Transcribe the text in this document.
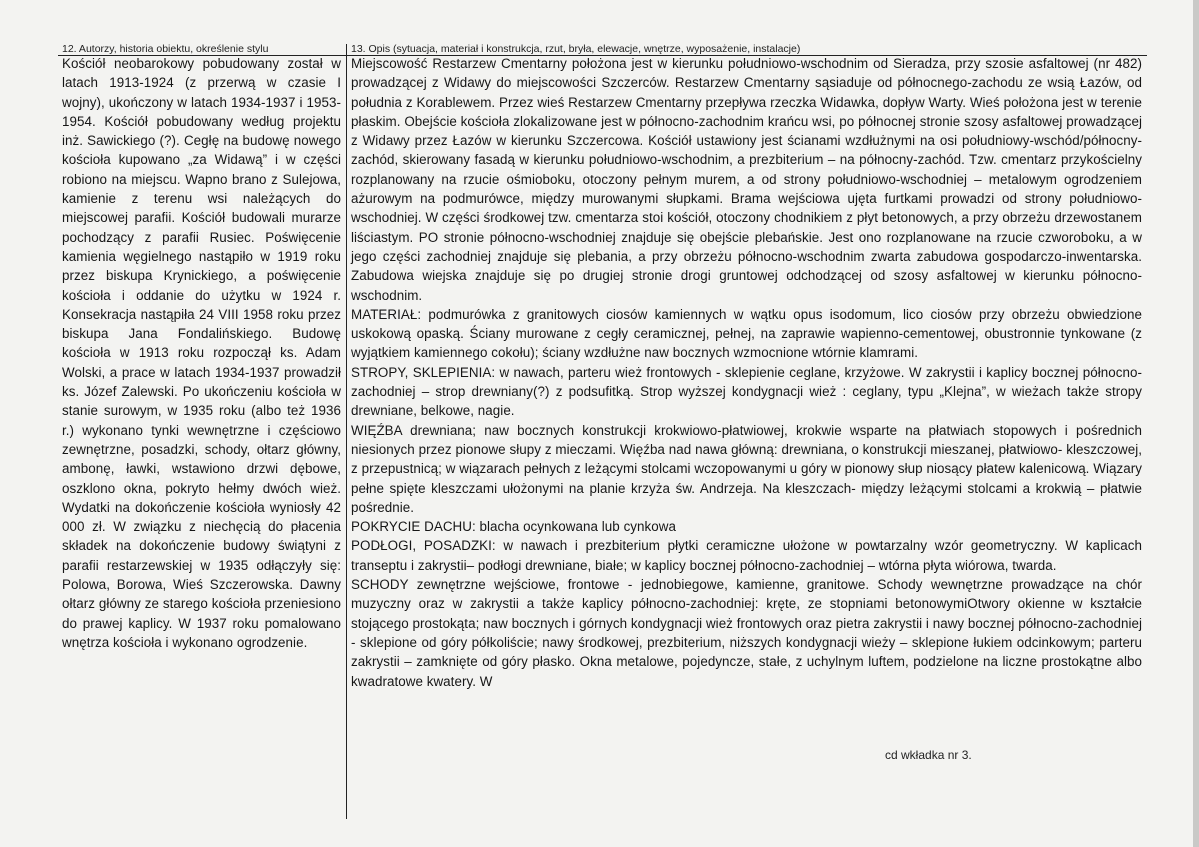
12. Autorzy, historia obiektu, określenie stylu	13. Opis (sytuacja, materiał i konstrukcja, rzut, bryła, elewacje, wnętrze, wyposażenie, instalacje)

Kościół neobarokowy pobudowany został w latach 1913-1924 (z przerwą w czasie I wojny), ukończony w latach 1934-1937 i 1953-1954. Kościół pobudowany według projektu inż. Sawickiego (?). Cegłę na budowę nowego kościoła kupowano „za Widawą” i w części robiono na miejscu. Wapno brano z Sulejowa, kamienie z terenu wsi należących do miejscowej parafii. Kościół budowali murarze pochodzący z parafii Rusiec. Poświęcenie kamienia węgielnego nastąpiło w 1919 roku przez biskupa Krynickiego, a poświęcenie kościoła i oddanie do użytku w 1924 r. Konsekracja nastąpiła 24 VIII 1958 roku przez biskupa Jana Fondalińskiego. Budowę kościoła w 1913 roku rozpoczął ks. Adam Wolski, a prace w latach 1934-1937 prowadził ks. Józef Zalewski. Po ukończeniu kościoła w stanie surowym, w 1935 roku (albo też 1936 r.) wykonano tynki wewnętrzne i częściowo zewnętrzne, posadzki, schody, ołtarz główny, ambonę, ławki, wstawiono drzwi dębowe, oszklono okna, pokryto hełmy dwóch wież. Wydatki na dokończenie kościoła wyniosły 42 000 zł. W związku z niechęcią do płacenia składek na dokończenie budowy świątyni z parafii restarzewskiej w 1935 odłączyły się: Polowa, Borowa, Wieś Szczerowska. Dawny ołtarz główny ze starego kościoła przeniesiono do prawej kaplicy. W 1937 roku pomalowano wnętrza kościoła i wykonano ogrodzenie.

Miejscowość Restarzew Cmentarny położona jest w kierunku południowo-wschodnim od Sieradza, przy szosie asfaltowej (nr 482) prowadzącej z Widawy do miejscowości Szczerców. Restarzew Cmentarny sąsiaduje od północnego-zachodu ze wsią Łazów, od południa z Korablewem. Przez wieś Restarzew Cmentarny przepływa rzeczka Widawka, dopływ Warty. Wieś położona jest w terenie płaskim. Obejście kościoła zlokalizowane jest w północno-zachodnim krańcu wsi, po północnej stronie szosy asfaltowej prowadzącej z Widawy przez Łazów w kierunku Szczercowa. Kościół ustawiony jest ścianami wzdłużnymi na osi południowy-wschód/północny-zachód, skierowany fasadą w kierunku południowo-wschodnim, a prezbiterium – na północny-zachód. Tzw. cmentarz przykościelny rozplanowany na rzucie ośmioboku, otoczony pełnym murem, a od strony południowo-wschodniej – metalowym ogrodzeniem ażurowym na podmurówce, między murowanymi słupkami. Brama wejściowa ujęta furtkami prowadzi od strony południowo-wschodniej. W części środkowej tzw. cmentarza stoi kościół, otoczony chodnikiem z płyt betonowych, a przy obrzeżu drzewostanem liściastym. PO stronie północno-wschodniej znajduje się obejście plebańskie. Jest ono rozplanowane na rzucie czworoboku, a w jego części zachodniej znajduje się plebania, a przy obrzeżu północno-wschodnim zwarta zabudowa gospodarczo-inwentarska. Zabudowa wiejska znajduje się po drugiej stronie drogi gruntowej odchodzącej od szosy asfaltowej w kierunku północno-wschodnim.

MATERIAŁ: podmurówka z granitowych ciosów kamiennych w wątku opus isodomum, lico ciosów przy obrzeżu obwiedzione uskokową opaską. Ściany murowane z cegły ceramicznej, pełnej, na zaprawie wapienno-cementowej, obustronnie tynkowane (z wyjątkiem kamiennego cokołu); ściany wzdłużne naw bocznych wzmocnione wtórnie klamrami.

STROPY, SKLEPIENIA: w nawach, parteru wież frontowych - sklepienie ceglane, krzyżowe. W zakrystii i kaplicy bocznej północno-zachodniej – strop drewniany(?) z podsufitką. Strop wyższej kondygnacji wież : ceglany, typu „Klejna”, w wieżach także stropy drewniane, belkowe, nagie.

WIĘŹBA drewniana; naw bocznych konstrukcji krokwiowo-płatwiowej, krokwie wsparte na płatwiach stopowych i pośrednich niesionych przez pionowe słupy z mieczami. Więźba nad nawa główną: drewniana, o konstrukcji mieszanej, płatwiowo- kleszczowej, z przepustnicą; w wiązarach pełnych z leżącymi stolcami wczopowanymi u góry w pionowy słup niosący płatew kalenicową. Wiązary pełne spięte kleszczami ułożonymi na planie krzyża św. Andrzeja. Na kleszczach- między leżącymi stolcami a krokwią – płatwie pośrednie.

POKRYCIE DACHU: blacha ocynkowana lub cynkowa

PODŁOGI, POSADZKI: w nawach i prezbiterium płytki ceramiczne ułożone w powtarzalny wzór geometryczny. W kaplicach transeptu i zakrystii– podłogi drewniane, białe; w kaplicy bocznej północno-zachodniej – wtórna płyta wiórowa, twarda.

SCHODY zewnętrzne wejściowe, frontowe - jednobiegowe, kamienne, granitowe. Schody wewnętrzne prowadzące na chór muzyczny oraz w zakrystii a także kaplicy północno-zachodniej: kręte, ze stopniami betonowymiOtwory okienne w kształcie stojącego prostokąta; naw bocznych i górnych kondygnacji wież frontowych oraz pietra zakrystii i nawy bocznej północno-zachodniej - sklepione od góry półkoliście; nawy środkowej, prezbiterium, niższych kondygnacji wieży – sklepione łukiem odcinkowym; parteru zakrystii – zamknięte od góry płasko. Okna metalowe, pojedyncze, stałe, z uchylnym luftem, podzielone na liczne prostokątne albo kwadratowe kwatery. W

cd wkładka nr 3.
